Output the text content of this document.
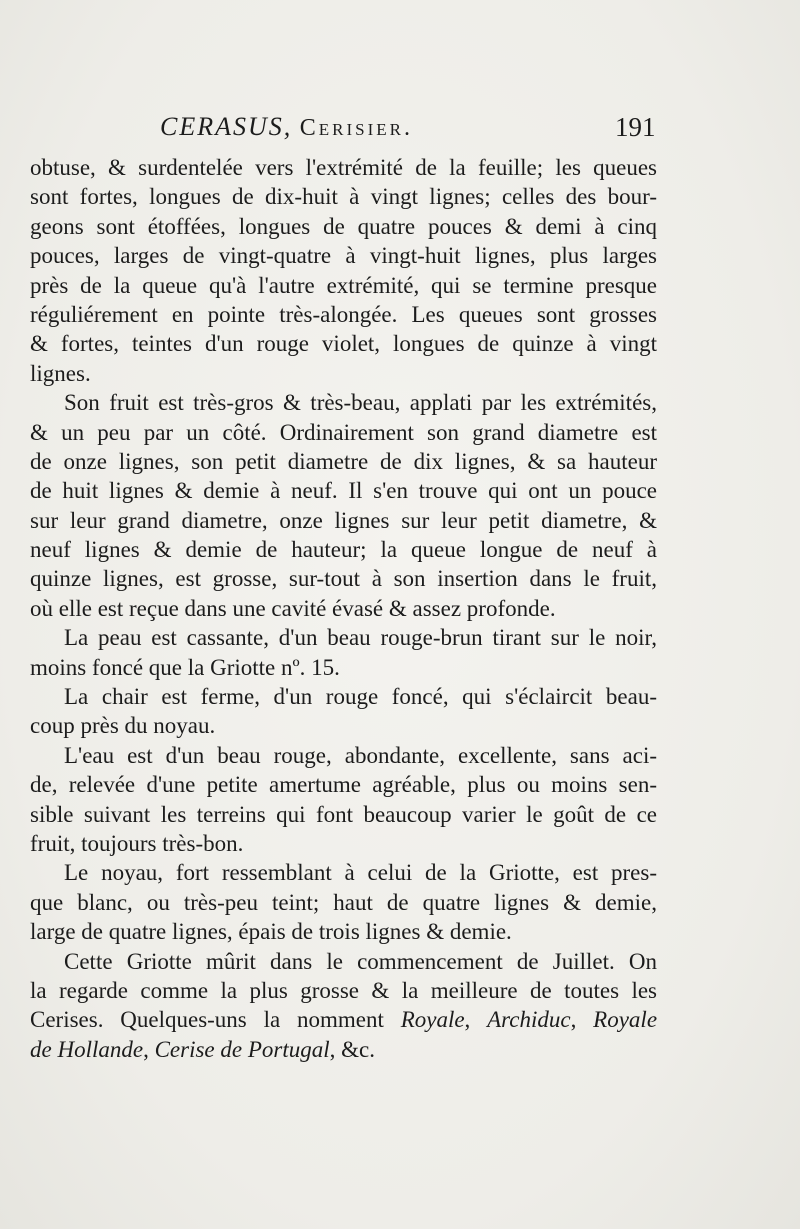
CERASUS, Cerisier.	191
obtuse, & surdentelée vers l'extrémité de la feuille; les queues
sont fortes, longues de dix-huit à vingt lignes; celles des bour-
geons sont étoffées, longues de quatre pouces & demi à cinq
pouces, larges de vingt-quatre à vingt-huit lignes, plus larges
près de la queue qu'à l'autre extrémité, qui se termine presque
réguliérement en pointe très-alongée. Les queues sont grosses
& fortes, teintes d'un rouge violet, longues de quinze à vingt
lignes.
Son fruit est très-gros & très-beau, applati par les extrémités,
& un peu par un côté. Ordinairement son grand diametre est
de onze lignes, son petit diametre de dix lignes, & sa hauteur
de huit lignes & demie à neuf. Il s'en trouve qui ont un pouce
sur leur grand diametre, onze lignes sur leur petit diametre, &
neuf lignes & demie de hauteur; la queue longue de neuf à
quinze lignes, est grosse, sur-tout à son insertion dans le fruit,
où elle est reçue dans une cavité évasé & assez profonde.
La peau est cassante, d'un beau rouge-brun tirant sur le noir,
moins foncé que la Griotte nº. 15.
La chair est ferme, d'un rouge foncé, qui s'éclaircit beau-
coup près du noyau.
L'eau est d'un beau rouge, abondante, excellente, sans aci-
de, relevée d'une petite amertume agréable, plus ou moins sen-
sible suivant les terreins qui font beaucoup varier le goût de ce
fruit, toujours très-bon.
Le noyau, fort ressemblant à celui de la Griotte, est pres-
que blanc, ou très-peu teint; haut de quatre lignes & demie,
large de quatre lignes, épais de trois lignes & demie.
Cette Griotte mûrit dans le commencement de Juillet. On
la regarde comme la plus grosse & la meilleure de toutes les
Cerises. Quelques-uns la nomment Royale, Archiduc, Royale
de Hollande, Cerise de Portugal, &c.
